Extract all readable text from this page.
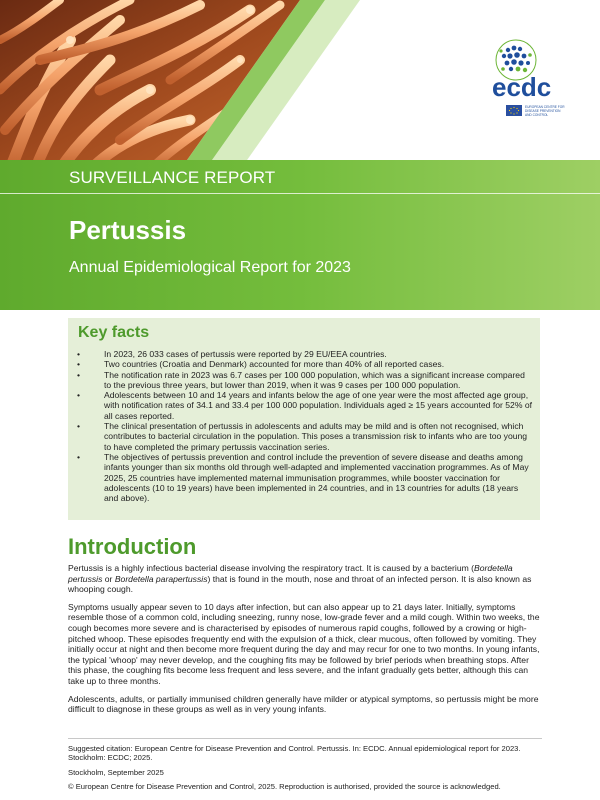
ecdc
EUROPEAN CENTRE FOR
DISEASE PREVENTION
AND CONTROL
SURVEILLANCE REPORT
Pertussis
Annual Epidemiological Report for 2023
Key facts
•	In 2023, 26 033 cases of pertussis were reported by 29 EU/EEA countries.
•	Two countries (Croatia and Denmark) accounted for more than 40% of all reported cases.
•	The notification rate in 2023 was 6.7 cases per 100 000 population, which was a significant increase compared to the previous three years, but lower than 2019, when it was 9 cases per 100 000 population.
•	Adolescents between 10 and 14 years and infants below the age of one year were the most affected age group, with notification rates of 34.1 and 33.4 per 100 000 population. Individuals aged ≥ 15 years accounted for 52% of all cases reported.
•	The clinical presentation of pertussis in adolescents and adults may be mild and is often not recognised, which contributes to bacterial circulation in the population. This poses a transmission risk to infants who are too young to have completed the primary pertussis vaccination series.
•	The objectives of pertussis prevention and control include the prevention of severe disease and deaths among infants younger than six months old through well-adapted and implemented vaccination programmes. As of May 2025, 25 countries have implemented maternal immunisation programmes, while booster vaccination for adolescents (10 to 19 years) have been implemented in 24 countries, and in 13 countries for adults (18 years and above).
Introduction

Pertussis is a highly infectious bacterial disease involving the respiratory tract. It is caused by a bacterium (Bordetella pertussis or Bordetella parapertussis) that is found in the mouth, nose and throat of an infected person. It is also known as whooping cough.

Symptoms usually appear seven to 10 days after infection, but can also appear up to 21 days later. Initially, symptoms resemble those of a common cold, including sneezing, runny nose, low-grade fever and a mild cough. Within two weeks, the cough becomes more severe and is characterised by episodes of numerous rapid coughs, followed by a crowing or high-pitched whoop. These episodes frequently end with the expulsion of a thick, clear mucous, often followed by vomiting. They initially occur at night and then become more frequent during the day and may recur for one to two months. In young infants, the typical 'whoop' may never develop, and the coughing fits may be followed by brief periods when breathing stops. After this phase, the coughing fits become less frequent and less severe, and the infant gradually gets better, although this can take up to three months.

Adolescents, adults, or partially immunised children generally have milder or atypical symptoms, so pertussis might be more difficult to diagnose in these groups as well as in very young infants.

Suggested citation: European Centre for Disease Prevention and Control. Pertussis. In: ECDC. Annual epidemiological report for 2023. Stockholm: ECDC; 2025.

Stockholm, September 2025

© European Centre for Disease Prevention and Control, 2025. Reproduction is authorised, provided the source is acknowledged.
